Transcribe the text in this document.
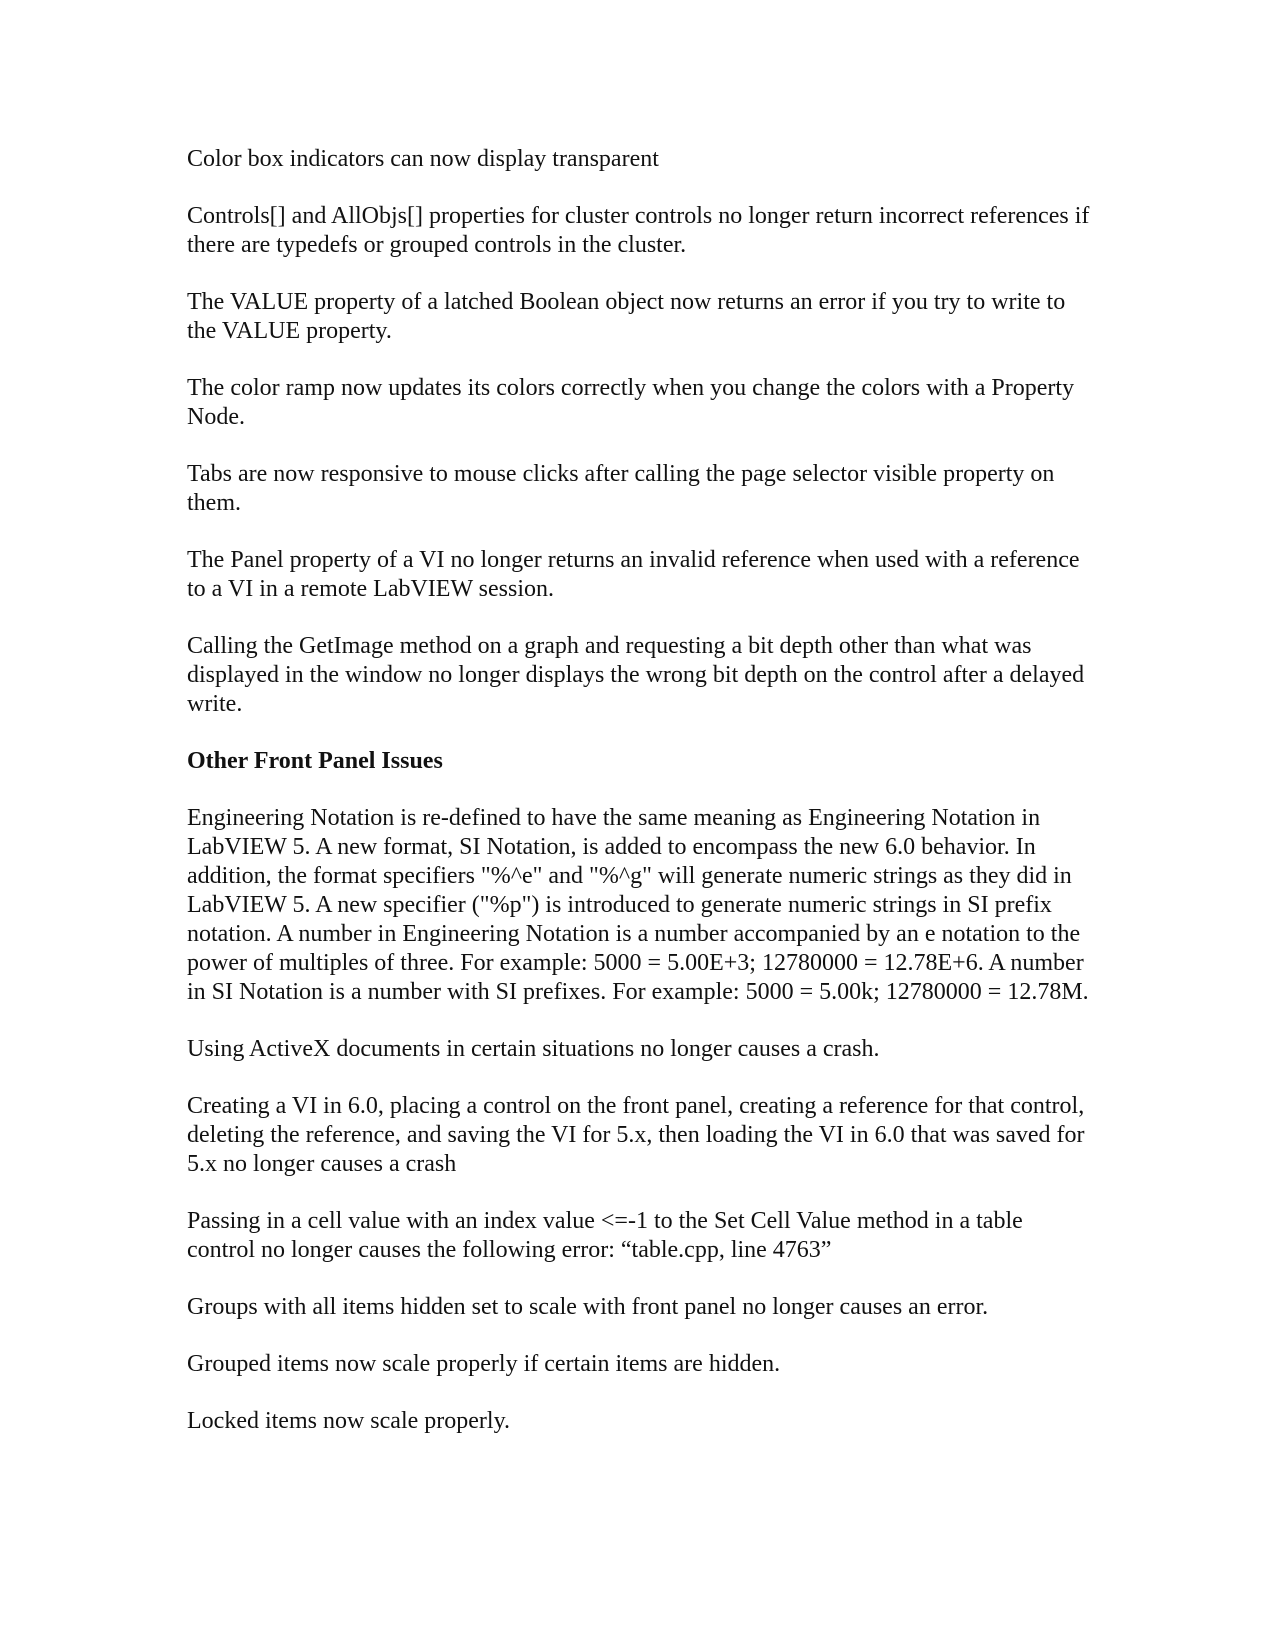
Color box indicators can now display transparent

Controls[] and AllObjs[] properties for cluster controls no longer return incorrect references if there are typedefs or grouped controls in the cluster.

The VALUE property of a latched Boolean object now returns an error if you try to write to the VALUE property.

The color ramp now updates its colors correctly when you change the colors with a Property Node.

Tabs are now responsive to mouse clicks after calling the page selector visible property on them.

The Panel property of a VI no longer returns an invalid reference when used with a reference to a VI in a remote LabVIEW session.

Calling the GetImage method on a graph and requesting a bit depth other than what was displayed in the window no longer displays the wrong bit depth on the control after a delayed write.

Other Front Panel Issues

Engineering Notation is re-defined to have the same meaning as Engineering Notation in LabVIEW 5. A new format, SI Notation, is added to encompass the new 6.0 behavior. In addition, the format specifiers "%^e" and "%^g" will generate numeric strings as they did in LabVIEW 5. A new specifier ("%p") is introduced to generate numeric strings in SI prefix notation. A number in Engineering Notation is a number accompanied by an e notation to the power of multiples of three. For example: 5000 = 5.00E+3; 12780000 = 12.78E+6. A number in SI Notation is a number with SI prefixes. For example: 5000 = 5.00k; 12780000 = 12.78M.

Using ActiveX documents in certain situations no longer causes a crash.

Creating a VI in 6.0, placing a control on the front panel, creating a reference for that control, deleting the reference, and saving the VI for 5.x, then loading the VI in 6.0 that was saved for 5.x no longer causes a crash

Passing in a cell value with an index value <=-1 to the Set Cell Value method in a table control no longer causes the following error: “table.cpp, line 4763”

Groups with all items hidden set to scale with front panel no longer causes an error.

Grouped items now scale properly if certain items are hidden.

Locked items now scale properly.
